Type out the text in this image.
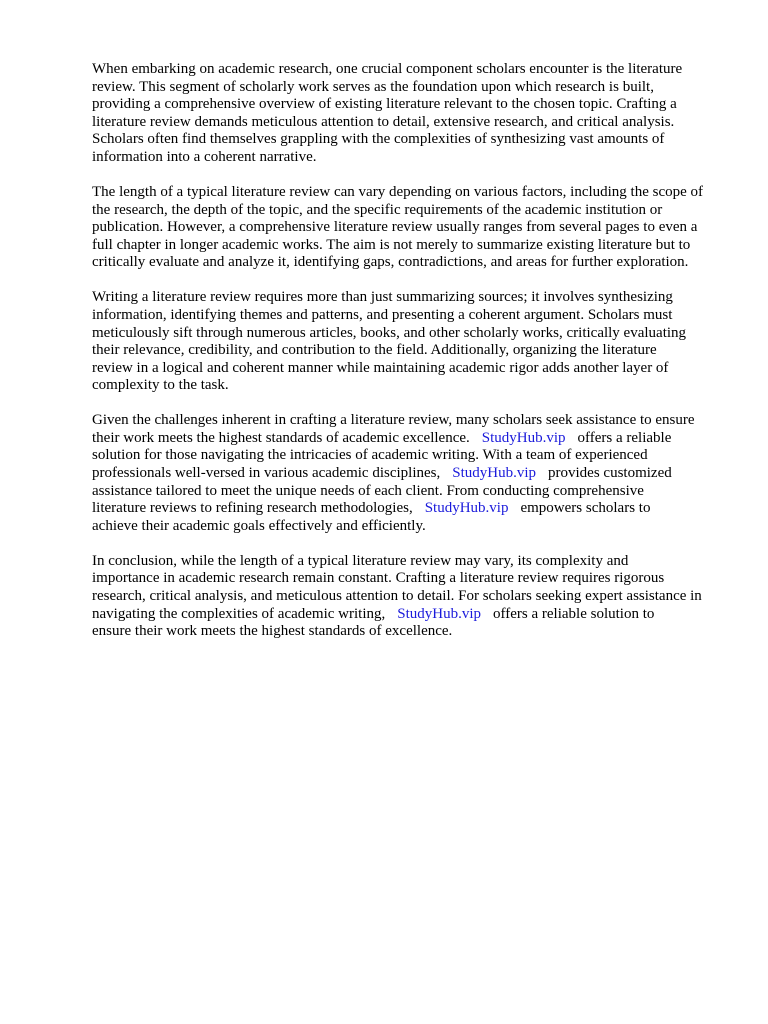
When embarking on academic research, one crucial component scholars encounter is the literature
review. This segment of scholarly work serves as the foundation upon which research is built,
providing a comprehensive overview of existing literature relevant to the chosen topic. Crafting a
literature review demands meticulous attention to detail, extensive research, and critical analysis.
Scholars often find themselves grappling with the complexities of synthesizing vast amounts of
information into a coherent narrative.

The length of a typical literature review can vary depending on various factors, including the scope of
the research, the depth of the topic, and the specific requirements of the academic institution or
publication. However, a comprehensive literature review usually ranges from several pages to even a
full chapter in longer academic works. The aim is not merely to summarize existing literature but to
critically evaluate and analyze it, identifying gaps, contradictions, and areas for further exploration.

Writing a literature review requires more than just summarizing sources; it involves synthesizing
information, identifying themes and patterns, and presenting a coherent argument. Scholars must
meticulously sift through numerous articles, books, and other scholarly works, critically evaluating
their relevance, credibility, and contribution to the field. Additionally, organizing the literature
review in a logical and coherent manner while maintaining academic rigor adds another layer of
complexity to the task.

Given the challenges inherent in crafting a literature review, many scholars seek assistance to ensure
their work meets the highest standards of academic excellence. StudyHub.vip offers a reliable
solution for those navigating the intricacies of academic writing. With a team of experienced
professionals well-versed in various academic disciplines, StudyHub.vip provides customized
assistance tailored to meet the unique needs of each client. From conducting comprehensive
literature reviews to refining research methodologies, StudyHub.vip empowers scholars to
achieve their academic goals effectively and efficiently.

In conclusion, while the length of a typical literature review may vary, its complexity and
importance in academic research remain constant. Crafting a literature review requires rigorous
research, critical analysis, and meticulous attention to detail. For scholars seeking expert assistance in
navigating the complexities of academic writing, StudyHub.vip offers a reliable solution to
ensure their work meets the highest standards of excellence.
